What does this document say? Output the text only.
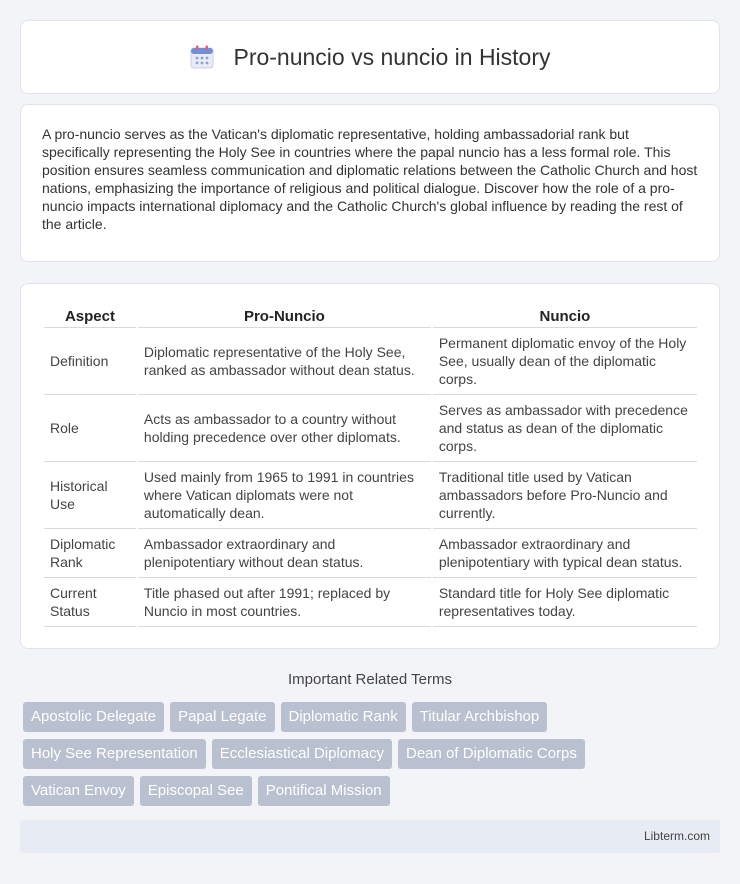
Pro-nuncio vs nuncio in History

A pro-nuncio serves as the Vatican's diplomatic representative, holding ambassadorial rank but specifically representing the Holy See in countries where the papal nuncio has a less formal role. This position ensures seamless communication and diplomatic relations between the Catholic Church and host nations, emphasizing the importance of religious and political dialogue. Discover how the role of a pro-nuncio impacts international diplomacy and the Catholic Church's global influence by reading the rest of the article.

Aspect	Pro-Nuncio	Nuncio
Definition	Diplomatic representative of the Holy See, ranked as ambassador without dean status.	Permanent diplomatic envoy of the Holy See, usually dean of the diplomatic corps.
Role	Acts as ambassador to a country without holding precedence over other diplomats.	Serves as ambassador with precedence and status as dean of the diplomatic corps.
Historical Use	Used mainly from 1965 to 1991 in countries where Vatican diplomats were not automatically dean.	Traditional title used by Vatican ambassadors before Pro-Nuncio and currently.
Diplomatic Rank	Ambassador extraordinary and plenipotentiary without dean status.	Ambassador extraordinary and plenipotentiary with typical dean status.
Current Status	Title phased out after 1991; replaced by Nuncio in most countries.	Standard title for Holy See diplomatic representatives today.
Important Related Terms
Apostolic Delegate	Papal Legate	Diplomatic Rank	Titular Archbishop
Holy See Representation	Ecclesiastical Diplomacy	Dean of Diplomatic Corps
Vatican Envoy	Episcopal See	Pontifical Mission
Libterm.com
